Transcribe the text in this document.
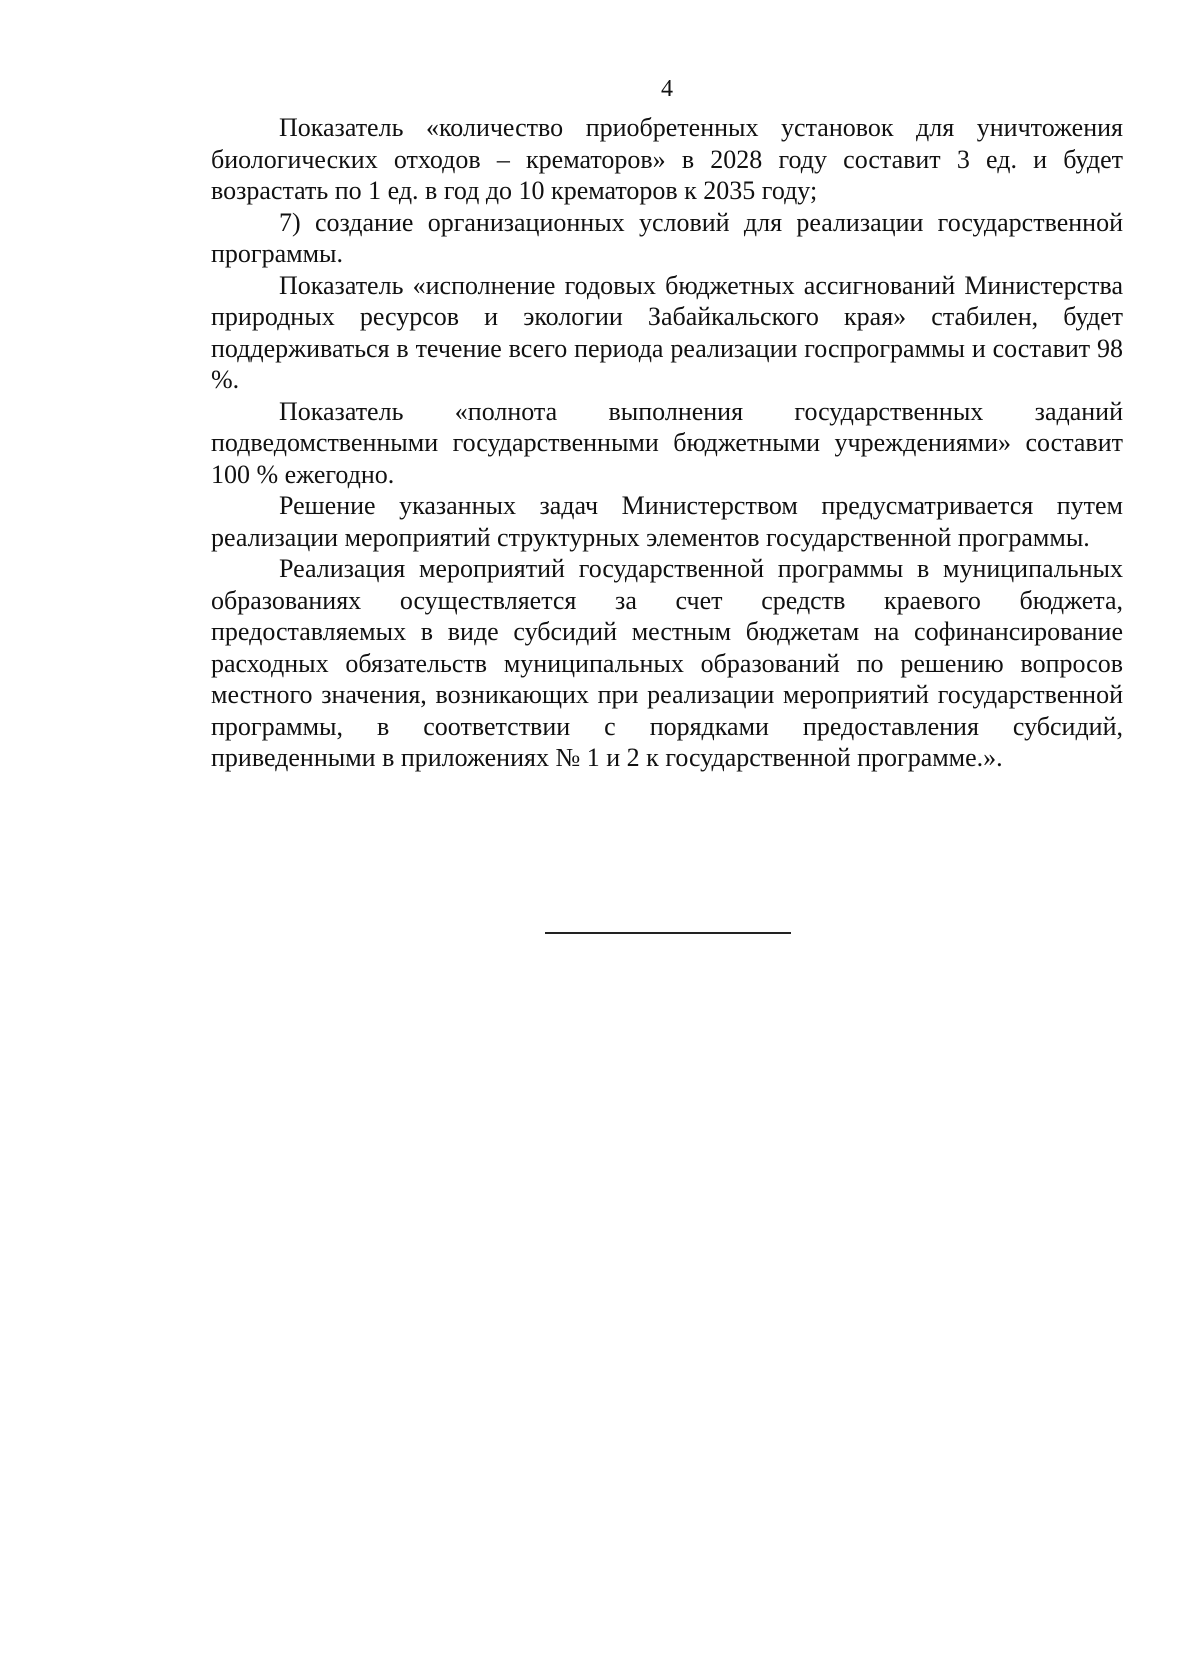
4

Показатель «количество приобретенных установок для уничтожения биологических отходов – крематоров» в 2028 году составит 3 ед. и будет возрастать по 1 ед. в год до 10 крематоров к 2035 году;

7) создание организационных условий для реализации государственной программы.

Показатель «исполнение годовых бюджетных ассигнований Министерства природных ресурсов и экологии Забайкальского края» стабилен, будет поддерживаться в течение всего периода реализации госпрограммы и составит 98 %.

Показатель «полнота выполнения государственных заданий подведомственными государственными бюджетными учреждениями» составит 100 % ежегодно.

Решение указанных задач Министерством предусматривается путем реализации мероприятий структурных элементов государственной программы.

Реализация мероприятий государственной программы в муниципальных образованиях осуществляется за счет средств краевого бюджета, предоставляемых в виде субсидий местным бюджетам на софинансирование расходных обязательств муниципальных образований по решению вопросов местного значения, возникающих при реализации мероприятий государственной программы, в соответствии с порядками предоставления субсидий, приведенными в приложениях № 1 и 2 к государственной программе.».
